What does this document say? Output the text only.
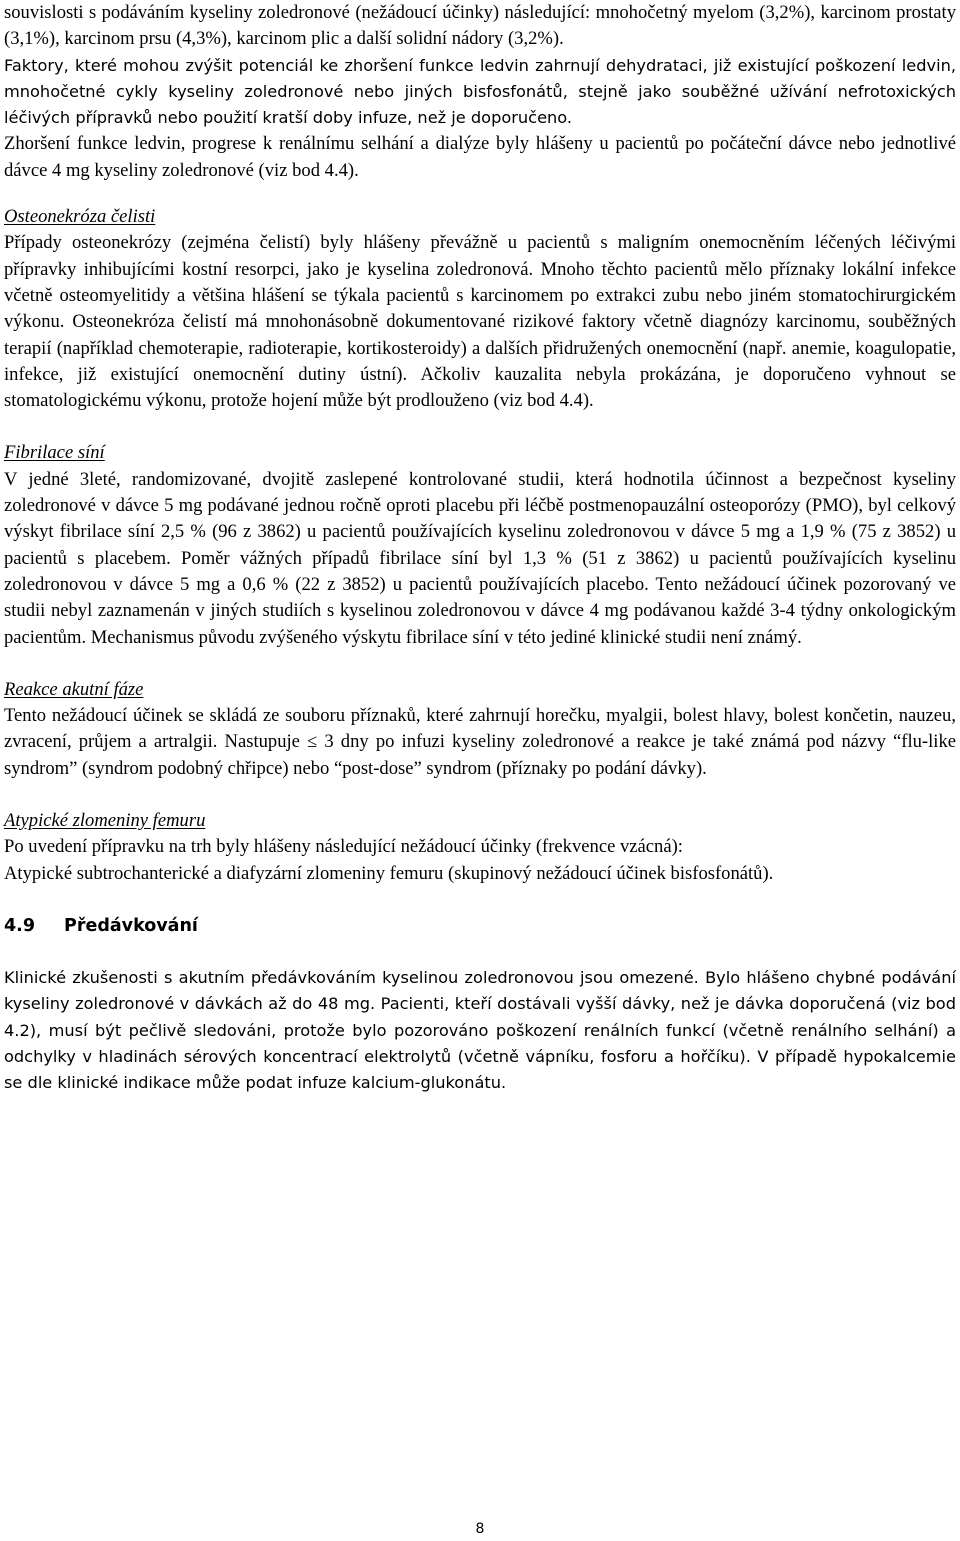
souvislosti s podáváním kyseliny zoledronové (nežádoucí účinky) následující: mnohočetný myelom (3,2%), karcinom prostaty (3,1%), karcinom prsu (4,3%), karcinom plic a další solidní nádory (3,2%).

Faktory, které mohou zvýšit potenciál ke zhoršení funkce ledvin zahrnují dehydrataci, již existující poškození ledvin, mnohočetné cykly kyseliny zoledronové nebo jiných bisfosfonátů, stejně jako souběžné užívání nefrotoxických léčivých přípravků nebo použití kratší doby infuze, než je doporučeno.

Zhoršení funkce ledvin, progrese k renálnímu selhání a dialýze byly hlášeny u pacientů po počáteční dávce nebo jednotlivé dávce 4 mg kyseliny zoledronové (viz bod 4.4).

Osteonekróza čelisti

Případy osteonekrózy (zejména čelistí) byly hlášeny převážně u pacientů s maligním onemocněním léčených léčivými přípravky inhibujícími kostní resorpci, jako je kyselina zoledronová. Mnoho těchto pacientů mělo příznaky lokální infekce včetně osteomyelitidy a většina hlášení se týkala pacientů s karcinomem po extrakci zubu nebo jiném stomatochirurgickém výkonu. Osteonekróza čelistí má mnohonásobně dokumentované rizikové faktory včetně diagnózy karcinomu, souběžných terapií (například chemoterapie, radioterapie, kortikosteroidy) a dalších přidružených onemocnění (např. anemie, koagulopatie, infekce, již existující onemocnění dutiny ústní). Ačkoliv kauzalita nebyla prokázána, je doporučeno vyhnout se stomatologickému výkonu, protože hojení může být prodlouženo (viz bod 4.4).

Fibrilace síní

V jedné 3leté, randomizované, dvojitě zaslepené kontrolované studii, která hodnotila účinnost a bezpečnost kyseliny zoledronové v dávce 5 mg podávané jednou ročně oproti placebu při léčbě postmenopauzální osteoporózy (PMO), byl celkový výskyt fibrilace síní 2,5 % (96 z 3862) u pacientů používajících kyselinu zoledronovou v dávce 5 mg a 1,9 % (75 z 3852) u pacientů s placebem. Poměr vážných případů fibrilace síní byl 1,3 % (51 z 3862) u pacientů používajících kyselinu zoledronovou v dávce 5 mg a 0,6 % (22 z 3852) u pacientů používajících placebo. Tento nežádoucí účinek pozorovaný ve studii nebyl zaznamenán v jiných studiích s kyselinou zoledronovou v dávce 4 mg podávanou každé 3-4 týdny onkologickým pacientům. Mechanismus původu zvýšeného výskytu fibrilace síní v této jediné klinické studii není známý.

Reakce akutní fáze

Tento nežádoucí účinek se skládá ze souboru příznaků, které zahrnují horečku, myalgii, bolest hlavy, bolest končetin, nauzeu, zvracení, průjem a artralgii. Nastupuje ≤ 3 dny po infuzi kyseliny zoledronové a reakce je také známá pod názvy “flu-like syndrom” (syndrom podobný chřipce) nebo “post-dose” syndrom (příznaky po podání dávky).

Atypické zlomeniny femuru

Po uvedení přípravku na trh byly hlášeny následující nežádoucí účinky (frekvence vzácná):

Atypické subtrochanterické a diafyzární zlomeniny femuru (skupinový nežádoucí účinek bisfosfonátů).

4.9	Předávkování

Klinické zkušenosti s akutním předávkováním kyselinou zoledronovou jsou omezené. Bylo hlášeno chybné podávání kyseliny zoledronové v dávkách až do 48 mg. Pacienti, kteří dostávali vyšší dávky, než je dávka doporučená (viz bod 4.2), musí být pečlivě sledováni, protože bylo pozorováno poškození renálních funkcí (včetně renálního selhání) a odchylky v hladinách sérových koncentrací elektrolytů (včetně vápníku, fosforu a hořčíku). V případě hypokalcemie se dle klinické indikace může podat infuze kalcium-glukonátu.

8
